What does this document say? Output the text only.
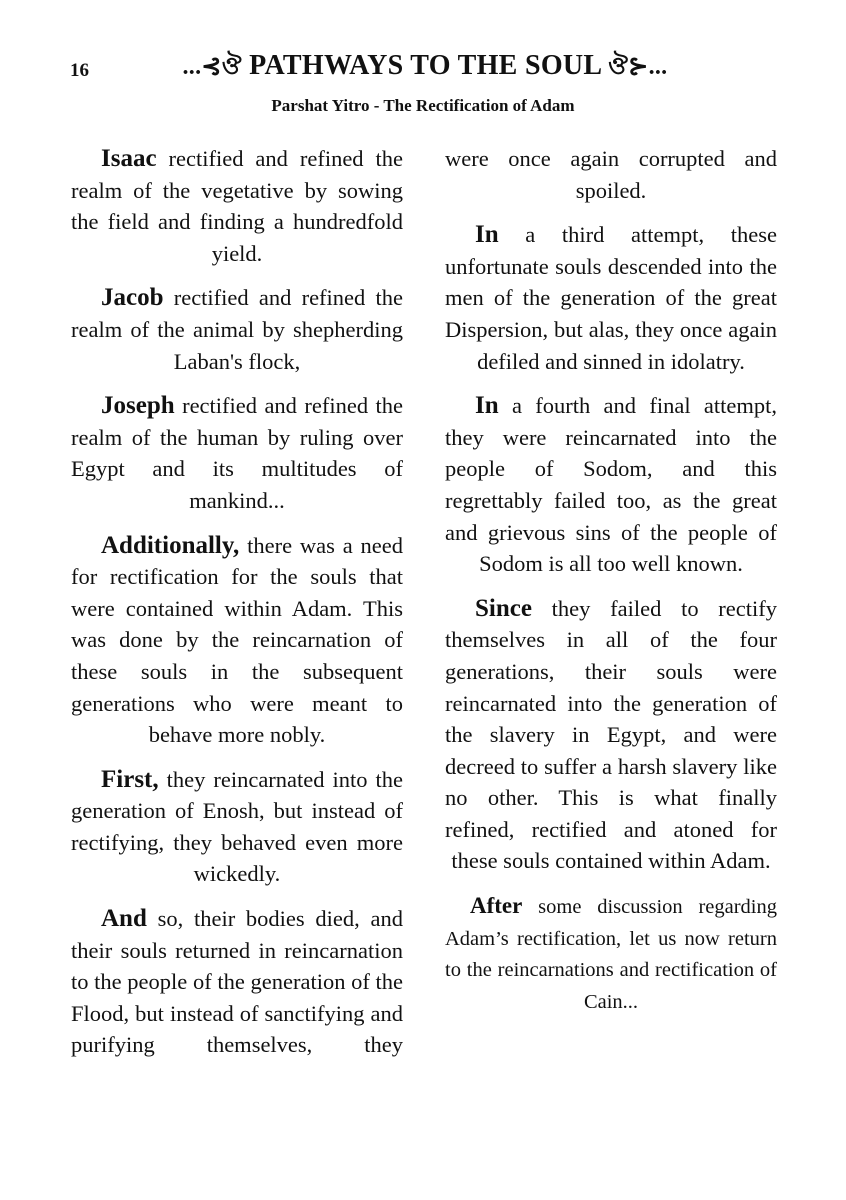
16	...⊰ঔ PATHWAYS TO THE SOUL ঔ⊱...
Parshat Yitro - The Rectification of Adam

Isaac rectified and refined the realm of the vegetative by sowing the field and finding a hundredfold yield.

Jacob rectified and refined the realm of the animal by shepherding Laban's flock,

Joseph rectified and refined the realm of the human by ruling over Egypt and its multitudes of mankind...

Additionally, there was a need for rectification for the souls that were contained within Adam. This was done by the reincarnation of these souls in the subsequent generations who were meant to behave more nobly.

First, they reincarnated into the generation of Enosh, but instead of rectifying, they behaved even more wickedly.

And so, their bodies died, and their souls returned in reincarnation to the people of the generation of the Flood, but instead of sanctifying and purifying themselves, they

were once again corrupted and spoiled.

In a third attempt, these unfortunate souls descended into the men of the generation of the great Dispersion, but alas, they once again defiled and sinned in idolatry.

In a fourth and final attempt, they were reincarnated into the people of Sodom, and this regrettably failed too, as the great and grievous sins of the people of Sodom is all too well known.

Since they failed to rectify themselves in all of the four generations, their souls were reincarnated into the generation of the slavery in Egypt, and were decreed to suffer a harsh slavery like no other. This is what finally refined, rectified and atoned for these souls contained within Adam.

After some discussion regarding Adam’s rectification, let us now return to the reincarnations and rectification of Cain...
